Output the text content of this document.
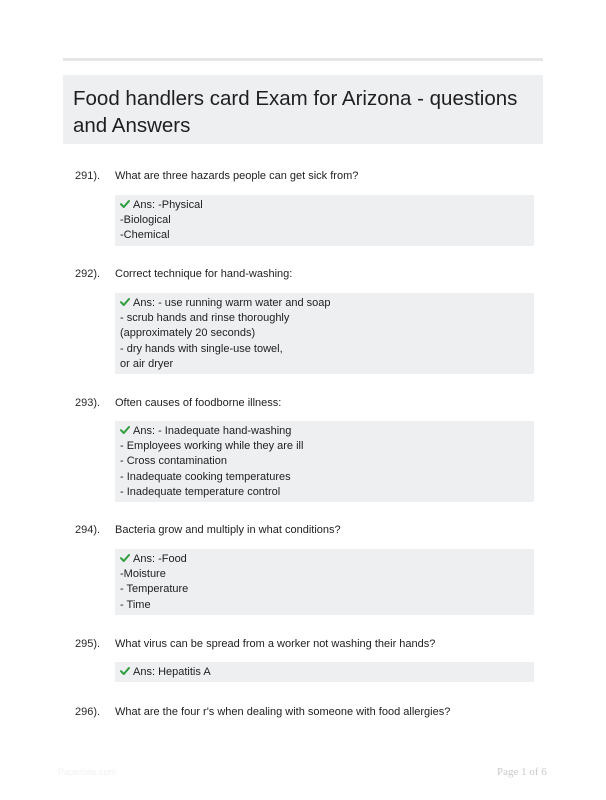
Food handlers card Exam for Arizona - questions and Answers
291). What are three hazards people can get sick from?
Ans: -Physical
-Biological
-Chemical
292). Correct technique for hand-washing:
Ans: - use running warm water and soap
- scrub hands and rinse thoroughly
(approximately 20 seconds)
- dry hands with single-use towel,
or air dryer
293). Often causes of foodborne illness:
Ans: - Inadequate hand-washing
- Employees working while they are ill
- Cross contamination
- Inadequate cooking temperatures
- Inadequate temperature control
294). Bacteria grow and multiply in what conditions?
Ans: -Food
-Moisture
- Temperature
- Time
295). What virus can be spread from a worker not washing their hands?
Ans: Hepatitis A
296). What are the four r's when dealing with someone with food allergies?
Paperbite.com	Page 1 of 6
